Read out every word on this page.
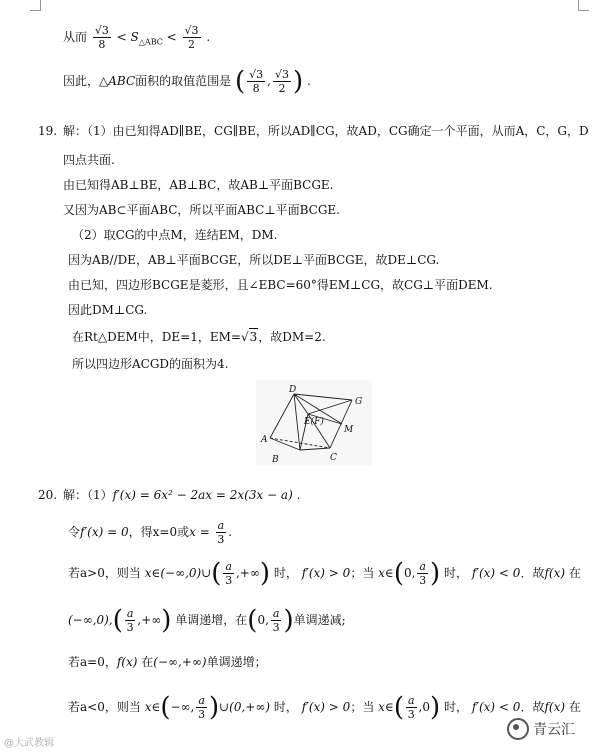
从而 $\frac{√3}{8} < S_{\triangle ABC} < \frac{√3}{2}$ .
因此，△ABC面积的取值范围是 ( $\frac{√3}{8}$ , $\frac{√3}{2}$ ) .
19. 解：（1）由已知得AD∥BE，CG∥BE，所以AD∥CG，故AD，CG确定一个平面，从而A，C，G，D
四点共面.
由已知得AB⊥BE，AB⊥BC，故AB⊥平面BCGE.
又因为AB⊂平面ABC，所以平面ABC⊥平面BCGE.
（2）取CG的中点M，连结EM，DM.
因为AB//DE，AB⊥平面BCGE，所以DE⊥平面BCGE，故DE⊥CG.
由已知，四边形BCGE是菱形，且∠EBC=60°得EM⊥CG，故CG⊥平面DEM.
因此DM⊥CG.
在Rt△DEM中，DE=1，EM=√3，故DM=2.
所以四边形ACGD的面积为4.
D
G
E(F)
M
A
B	C
20. 解：（1）f′(x) = 6x² − 2ax = 2x(3x − a) .
令f′(x) = 0，得x=0或$x = \frac{a}{3}$ .
若a>0，则当 x∈(−∞,0)∪( $\frac{a}{3}$ ,+∞) 时， f′(x) > 0；当 x∈(0, $\frac{a}{3}$ ) 时， f′(x) < 0．故f(x) 在
$(-\infty,0),( \frac{a}{3}$ ,+∞) 单调递增，在(0, $\frac{a}{3}$ )单调递减;
若a=0，f(x) 在(−∞,+∞)单调递增；
若a<0，则当 x∈(−∞, $\frac{a}{3}$ )∪(0,+∞) 时， f′(x) > 0；当 x∈( $\frac{a}{3} ,0$) 时， f′(x) < 0．故f(x) 在
@大武教辑
青云汇
